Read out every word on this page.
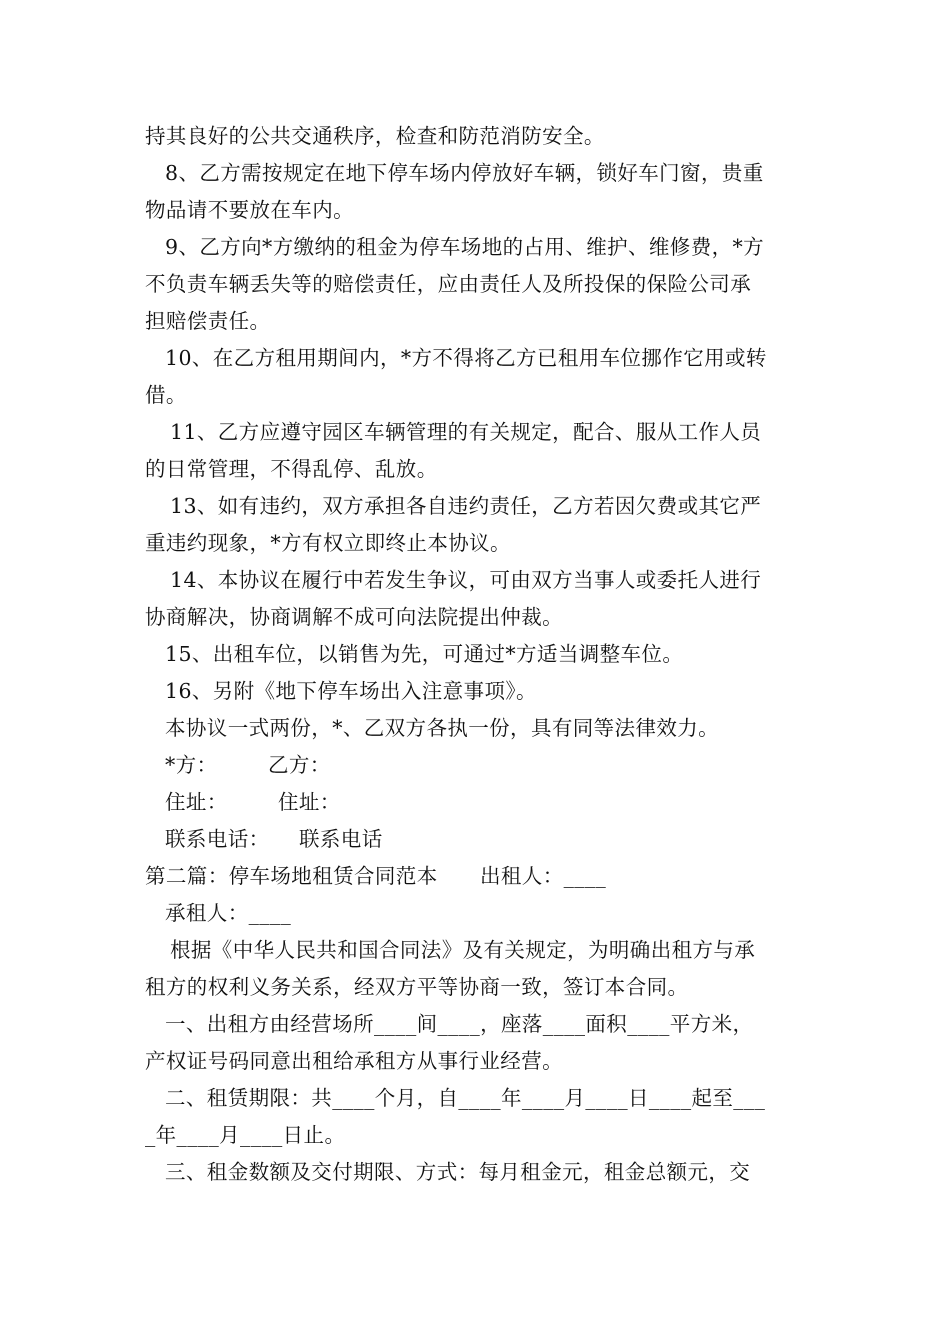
持其良好的公共交通秩序，检查和防范消防安全。
8、乙方需按规定在地下停车场内停放好车辆，锁好车门窗，贵重
物品请不要放在车内。
9、乙方向*方缴纳的租金为停车场地的占用、维护、维修费，*方
不负责车辆丢失等的赔偿责任，应由责任人及所投保的保险公司承
担赔偿责任。
10、在乙方租用期间内，*方不得将乙方已租用车位挪作它用或转
借。
11、乙方应遵守园区车辆管理的有关规定，配合、服从工作人员
的日常管理，不得乱停、乱放。
13、如有违约，双方承担各自违约责任，乙方若因欠费或其它严
重违约现象，*方有权立即终止本协议。
14、本协议在履行中若发生争议，可由双方当事人或委托人进行
协商解决，协商调解不成可向法院提出仲裁。
15、出租车位，以销售为先，可通过*方适当调整车位。
16、另附《地下停车场出入注意事项》。
本协议一式两份，*、乙双方各执一份，具有同等法律效力。
*方： 乙方：
住址： 住址：
联系电话： 联系电话
第二篇：停车场地租赁合同范本 出租人：____
承租人：____
根据《中华人民共和国合同法》及有关规定，为明确出租方与承
租方的权利义务关系，经双方平等协商一致，签订本合同。
一、出租方由经营场所____间____，座落____面积____平方米，
产权证号码同意出租给承租方从事行业经营。
二、租赁期限：共____个月，自____年____月____日____起至___
_年____月____日止。
三、租金数额及交付期限、方式：每月租金元，租金总额元，交
